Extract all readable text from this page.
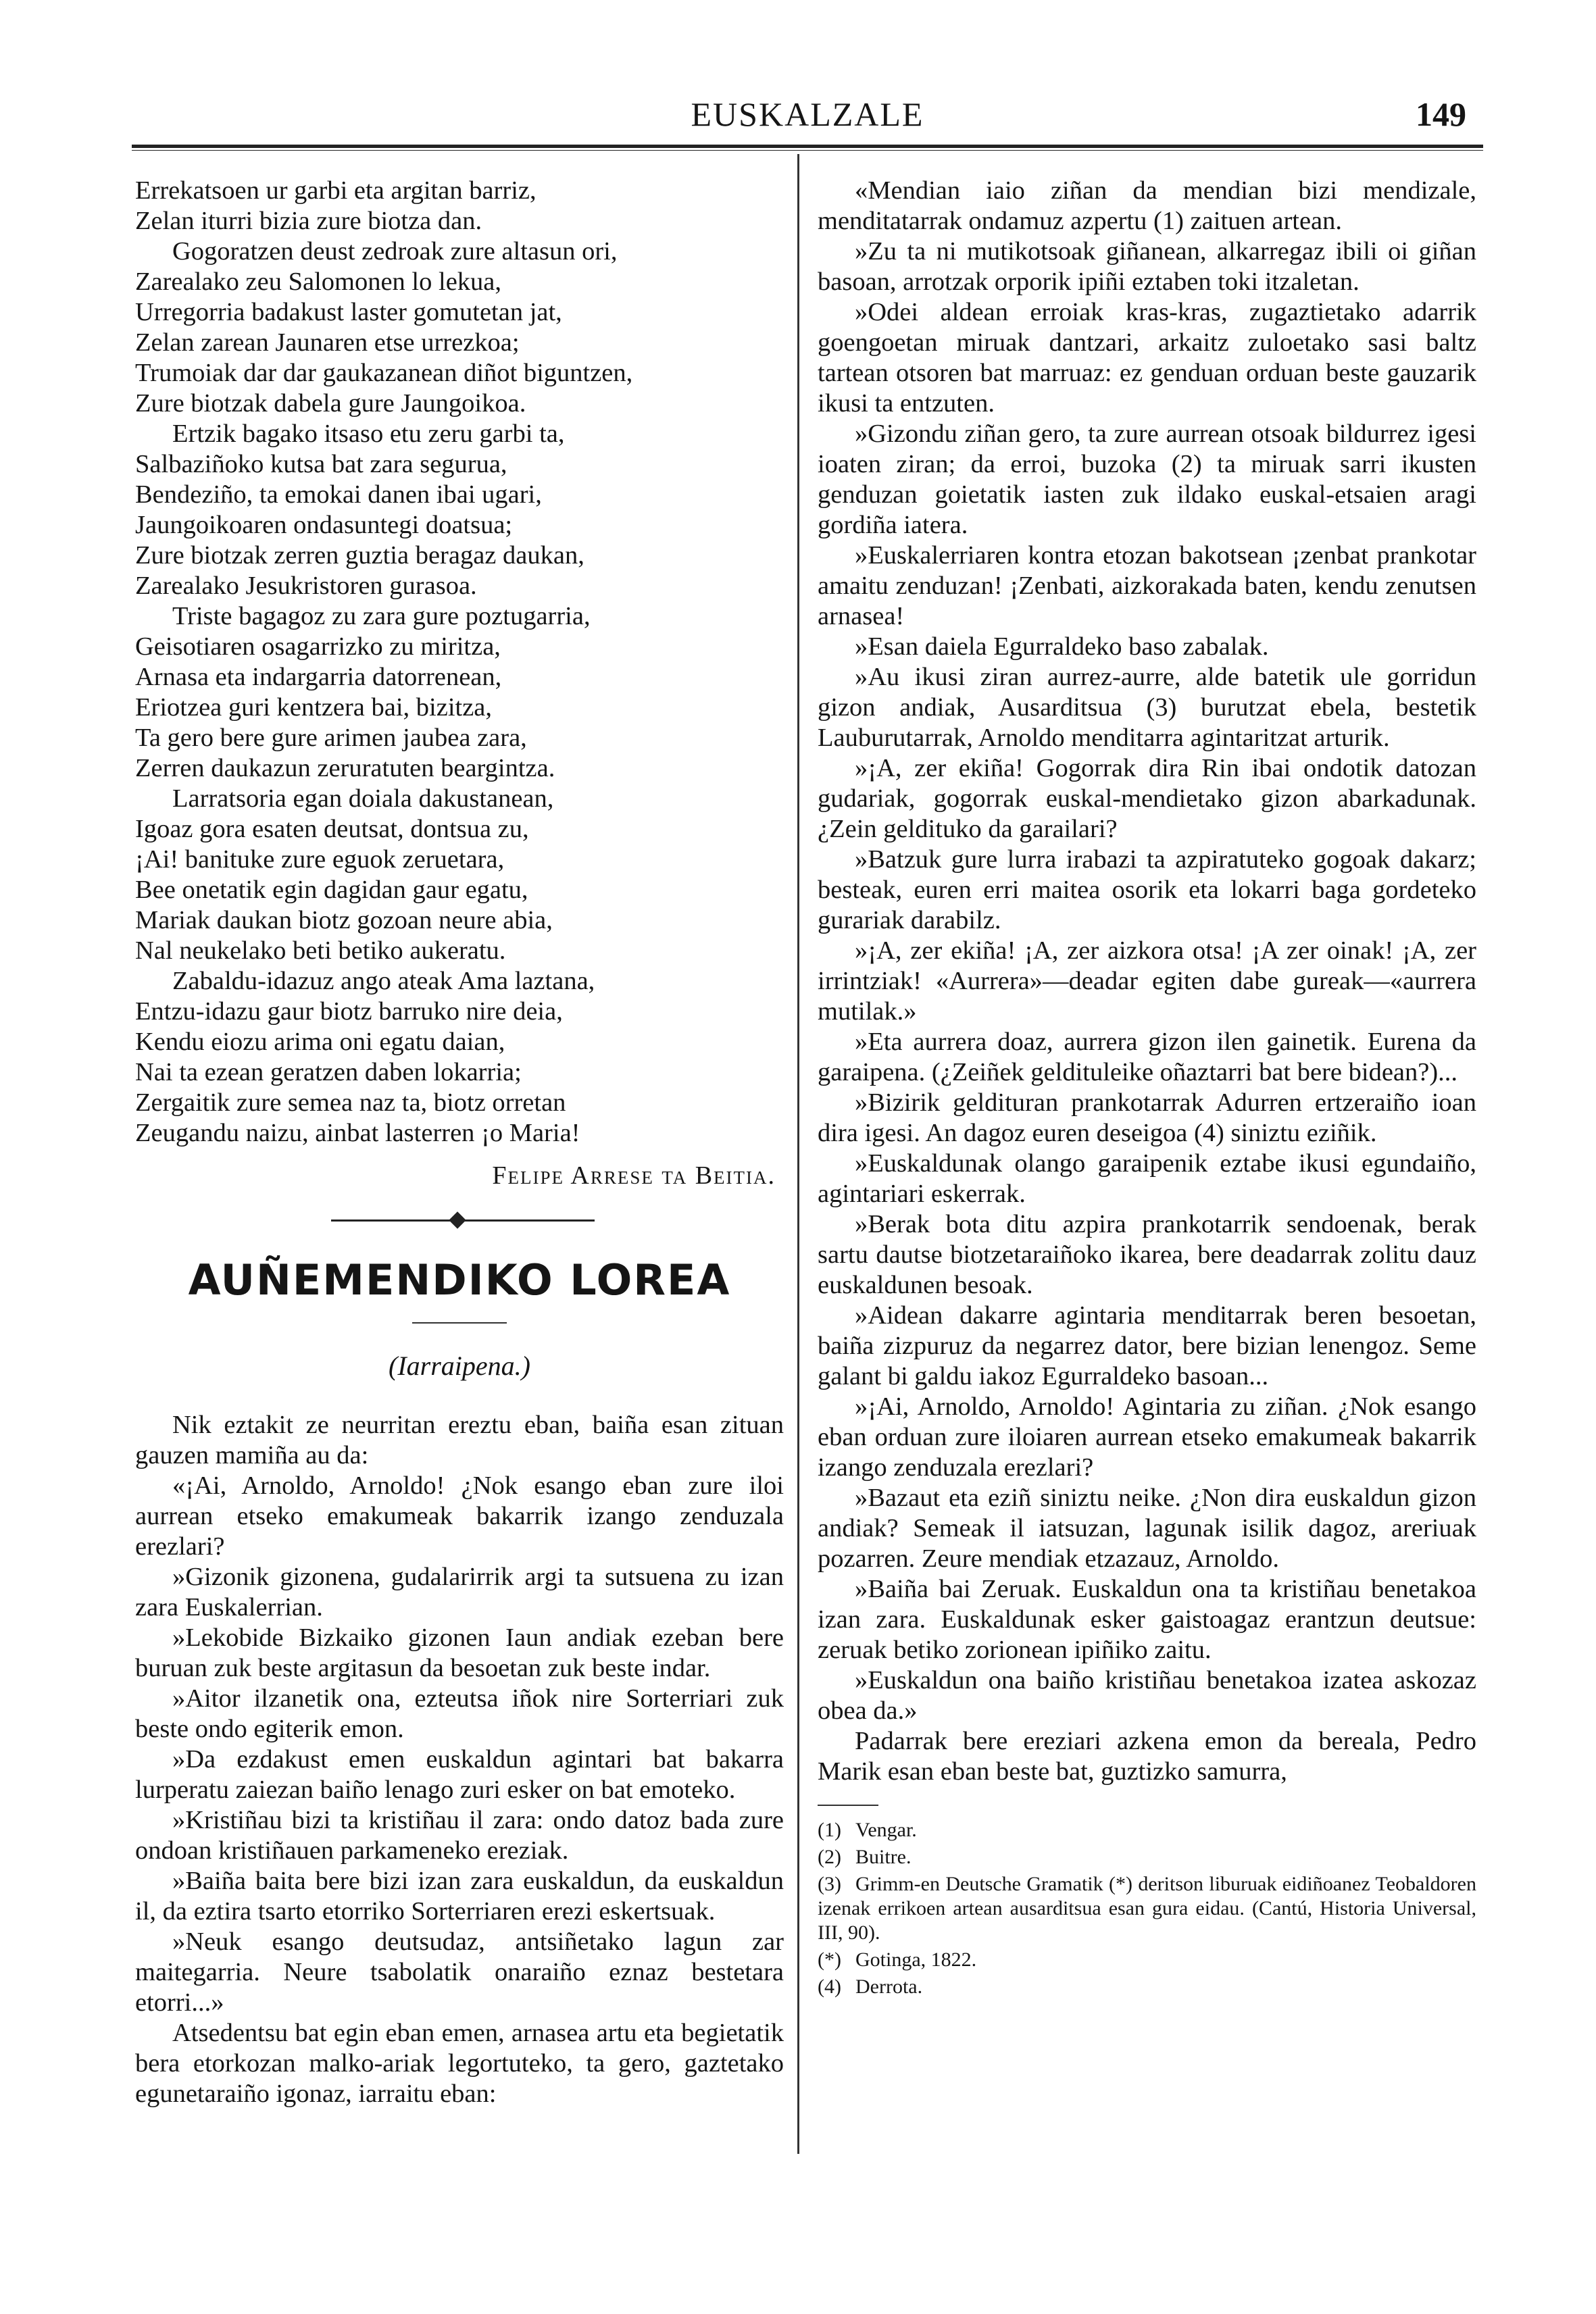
EUSKALZALE	149
Errekatsoen ur garbi eta argitan barriz,
Zelan iturri bizia zure biotza dan.
Gogoratzen deust zedroak zure altasun ori,
Zarealako zeu Salomonen lo lekua,
Urregorria badakust laster gomutetan jat,
Zelan zarean Jaunaren etse urrezkoa;
Trumoiak dar dar gaukazanean diñot biguntzen,
Zure biotzak dabela gure Jaungoikoa.
Ertzik bagako itsaso etu zeru garbi ta,
Salbaziñoko kutsa bat zara segurua,
Bendeziño, ta emokai danen ibai ugari,
Jaungoikoaren ondasuntegi doatsua;
Zure biotzak zerren guztia beragaz daukan,
Zarealako Jesukristoren gurasoa.
Triste bagagoz zu zara gure poztugarria,
Geisotiaren osagarrizko zu miritza,
Arnasa eta indargarria datorrenean,
Eriotzea guri kentzera bai, bizitza,
Ta gero bere gure arimen jaubea zara,
Zerren daukazun zeruratuten beargintza.
Larratsoria egan doiala dakustanean,
Igoaz gora esaten deutsat, dontsua zu,
¡Ai! banituke zure eguok zeruetara,
Bee onetatik egin dagidan gaur egatu,
Mariak daukan biotz gozoan neure abia,
Nal neukelako beti betiko aukeratu.
Zabaldu-idazuz ango ateak Ama laztana,
Entzu-idazu gaur biotz barruko nire deia,
Kendu eiozu arima oni egatu daian,
Nai ta ezean geratzen daben lokarria;
Zergaitik zure semea naz ta, biotz orretan
Zeugandu naizu, ainbat lasterren ¡o Maria!
Felipe Arrese ta Beitia.
AUÑEMENDIKO LOREA
(Iarraipena.)

Nik eztakit ze neurritan ereztu eban, baiña esan zituan gauzen mamiña au da:

«¡Ai, Arnoldo, Arnoldo! ¿Nok esango eban zure iloi aurrean etseko emakumeak bakarrik izango zenduzala erezlari?

»Gizonik gizonena, gudalarirrik argi ta sutsuena zu izan zara Euskalerrian.

»Lekobide Bizkaiko gizonen Iaun andiak ezeban bere buruan zuk beste argitasun da besoetan zuk beste indar.

»Aitor ilzanetik ona, ezteutsa iñok nire Sorterriari zuk beste ondo egiterik emon.

»Da ezdakust emen euskaldun agintari bat bakarra lurperatu zaiezan baiño lenago zuri esker on bat emoteko.

»Kristiñau bizi ta kristiñau il zara: ondo datoz bada zure ondoan kristiñauen parkameneko ereziak.

»Baiña baita bere bizi izan zara euskaldun, da euskaldun il, da eztira tsarto etorriko Sorterriaren erezi eskertsuak.

»Neuk esango deutsudaz, antsiñetako lagun zar maitegarria. Neure tsabolatik onaraiño eznaz bestetara etorri...»

Atsedentsu bat egin eban emen, arnasea artu eta begietatik bera etorkozan malko-ariak legortuteko, ta gero, gaztetako egunetaraiño igonaz, iarraitu eban:

«Mendian iaio ziñan da mendian bizi mendizale, menditatarrak ondamuz azpertu (1) zaituen artean.

»Zu ta ni mutikotsoak giñanean, alkarregaz ibili oi giñan basoan, arrotzak orporik ipiñi eztaben toki itzaletan.

»Odei aldean erroiak kras-kras, zugaztietako adarrik goengoetan miruak dantzari, arkaitz zuloetako sasi baltz tartean otsoren bat marruaz: ez genduan orduan beste gauzarik ikusi ta entzuten.

»Gizondu ziñan gero, ta zure aurrean otsoak bildurrez igesi ioaten ziran; da erroi, buzoka (2) ta miruak sarri ikusten genduzan goietatik iasten zuk ildako euskal-etsaien aragi gordiña iatera.

»Euskalerriaren kontra etozan bakotsean ¡zenbat prankotar amaitu zenduzan! ¡Zenbati, aizkorakada baten, kendu zenutsen arnasea!

»Esan daiela Egurraldeko baso zabalak.

»Au ikusi ziran aurrez-aurre, alde batetik ule gorridun gizon andiak, Ausarditsua (3) burutzat ebela, bestetik Lauburutarrak, Arnoldo menditarra agintaritzat arturik.

»¡A, zer ekiña! Gogorrak dira Rin ibai ondotik datozan gudariak, gogorrak euskal-mendietako gizon abarkadunak. ¿Zein gelditukо da garailari?

»Batzuk gure lurra irabazi ta azpiratuteko gogoak dakarz; besteak, euren erri maitea osorik eta lokarri baga gordeteko gurariak darabilz.

»¡A, zer ekiña! ¡A, zer aizkora otsa! ¡A zer oinak! ¡A, zer irrintziak! «Aurrera»—deadar egiten dabe gureak—«aurrera mutilak.»

»Eta aurrera doaz, aurrera gizon ilen gainetik. Eurena da garaipena. (¿Zeiñek geldituleike oñaztarri bat bere bidean?)...

»Bizirik geldituran prankotarrak Adurren ertzeraiño ioan dira igesi. An dagoz euren deseigoa (4) siniztu eziñik.

»Euskaldunak olango garaipenik eztabe ikusi egundaiño, agintariari eskerrak.

»Berak bota ditu azpira prankotarrik sendoenak, berak sartu dautse biotzetaraiñoko ikarea, bere deadarrak zolitu dauz euskaldunen besoak.

»Aidean dakarre agintaria menditarrak beren besoetan, baiña zizpuruz da negarrez dator, bere bizian lenengoz. Seme galant bi galdu iakoz Egurraldeko basoan...

»¡Ai, Arnoldo, Arnoldo! Agintaria zu ziñan. ¿Nok esango eban orduan zure iloiaren aurrean etseko emakumeak bakarrik izango zenduzala erezlari?

»Bazaut eta eziñ siniztu neike. ¿Non dira euskaldun gizon andiak? Semeak il iatsuzan, lagunak isilik dagoz, areriuak pozarren. Zeure mendiak etzazauz, Arnoldo.

»Baiña bai Zeruak. Euskaldun ona ta kristiñau benetakoa izan zara. Euskaldunak esker gaistoagaz erantzun deutsue: zeruak betiko zorionean ipiñiko zaitu.

»Euskaldun ona baiño kristiñau benetakoa izatea askozaz obea da.»

Padarrak bere ereziari azkena emon da bereala, Pedro Marik esan eban beste bat, guztizko samurra,

(1) Vengar.

(2) Buitre.

(3) Grimm-en Deutsche Gramatik (*) deritson liburuak eidiñoanez Teobaldoren izenak errikoen artean ausarditsua esan gura eidau. (Cantú, Historia Universal, III, 90).

(*) Gotinga, 1822.

(4) Derrota.
